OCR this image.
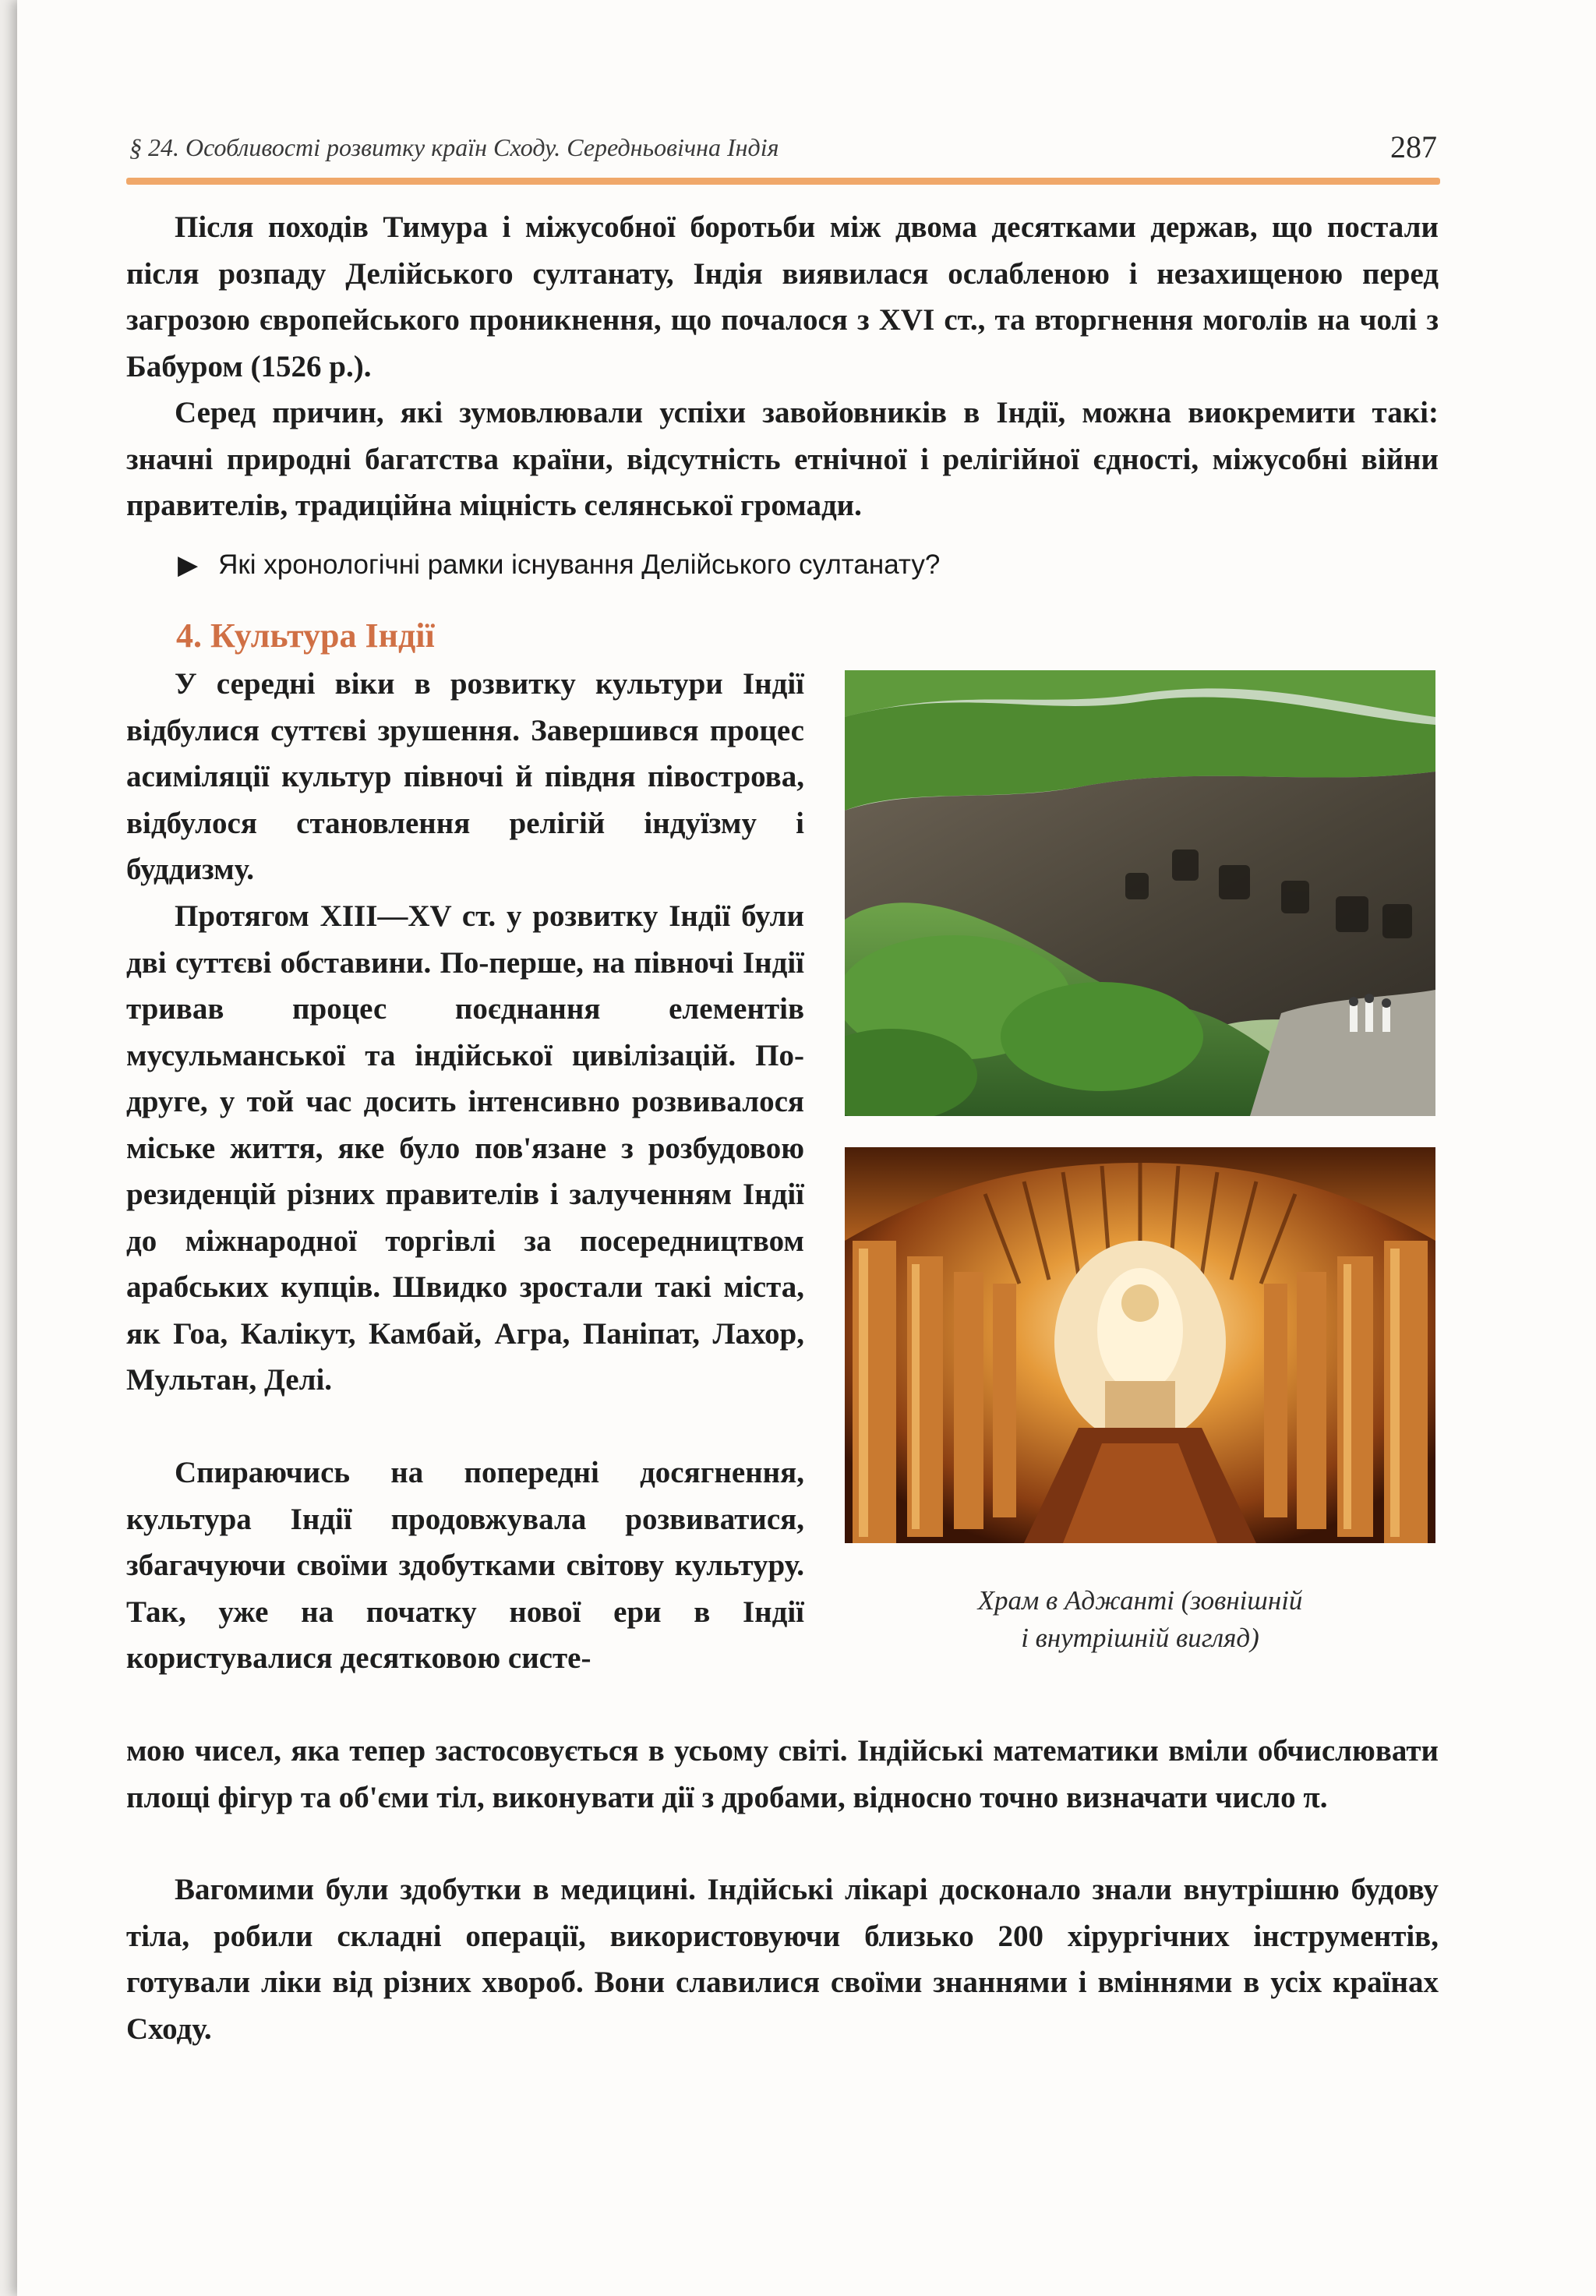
§ 24. Особливості розвитку країн Сходу. Середньовічна Індія	287

Після походів Тимура і міжусобної боротьби між двома десятками держав, що постали після розпаду Делійського султанату, Індія виявилася ослабленою і незахищеною перед загрозою європейського проникнення, що почалося з XVI ст., та вторгнення моголів на чолі з Бабуром (1526 р.).

Серед причин, які зумовлювали успіхи завойовників в Індії, можна виокремити такі: значні природні багатства країни, відсутність етнічної і релігійної єдності, міжусобні війни правителів, традиційна міцність селянської громади.

▶ Які хронологічні рамки існування Делійського султанату?
4. Культура Індії

У середні віки в розвитку культури Індії відбулися суттєві зрушення. Завершився процес асиміляції культур півночі й півдня півострова, відбулося становлення релігій індуїзму і буддизму.

Протягом XIII—XV ст. у розвитку Індії були дві суттєві обставини. По-перше, на півночі Індії тривав процес поєднання елементів мусульманської та індійської цивілізацій. По-друге, у той час досить інтенсивно розвивалося міське життя, яке було пов'язане з розбудовою резиденцій різних правителів і залученням Індії до міжнародної торгівлі за посередництвом арабських купців. Швидко зростали такі міста, як Гоа, Калікут, Камбай, Агра, Паніпат, Лахор, Мультан, Делі.

Спираючись на попередні досягнення, культура Індії продовжувала розвиватися, збагачуючи своїми здобутками світову культуру. Так, уже на початку нової ери в Індії користувалися десятковою систе-

мою чисел, яка тепер застосовується в усьому світі. Індійські математики вміли обчислювати площі фігур та об'єми тіл, виконувати дії з дробами, відносно точно визначати число π.

Вагомими були здобутки в медицині. Індійські лікарі досконало знали внутрішню будову тіла, робили складні операції, використовуючи близько 200 хірургічних інструментів, готували ліки від різних хвороб. Вони славилися своїми знаннями і вміннями в усіх країнах Сходу.

Храм в Аджанті (зовнішній
і внутрішній вигляд)
